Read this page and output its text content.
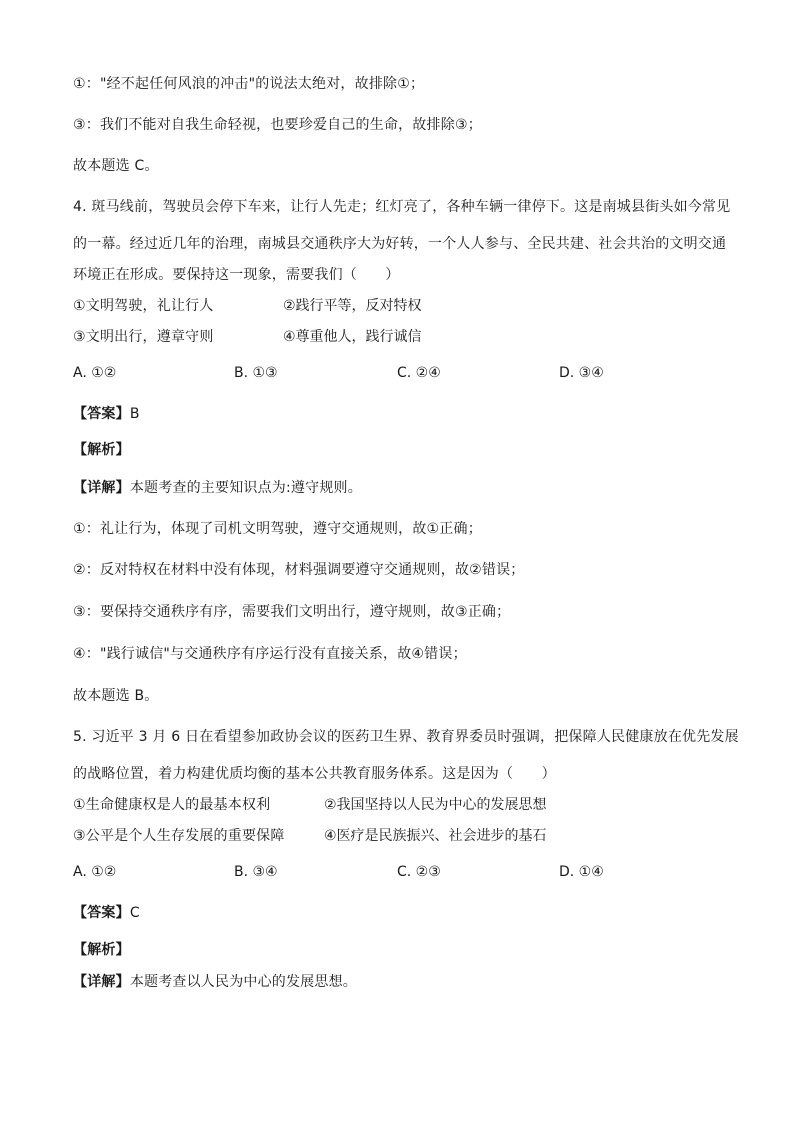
①："经不起任何风浪的冲击"的说法太绝对，故排除①；
③：我们不能对自我生命轻视，也要珍爱自己的生命，故排除③；
故本题选 C。
4. 斑马线前，驾驶员会停下车来，让行人先走；红灯亮了，各种车辆一律停下。这是南城县街头如今常见
的一幕。经过近几年的治理，南城县交通秩序大为好转，一个人人参与、全民共建、社会共治的文明交通
环境正在形成。要保持这一现象，需要我们（　　）
①文明驾驶，礼让行人	②践行平等，反对特权
③文明出行，遵章守则	④尊重他人，践行诚信
A. ①②	B. ①③	C. ②④	D. ③④
【答案】B
【解析】
【详解】本题考查的主要知识点为:遵守规则。
①：礼让行为，体现了司机文明驾驶，遵守交通规则，故①正确；
②：反对特权在材料中没有体现，材料强调要遵守交通规则，故②错误；
③：要保持交通秩序有序，需要我们文明出行，遵守规则，故③正确；
④："践行诚信"与交通秩序有序运行没有直接关系，故④错误；
故本题选 B。
5. 习近平 3 月 6 日在看望参加政协会议的医药卫生界、教育界委员时强调，把保障人民健康放在优先发展
的战略位置，着力构建优质均衡的基本公共教育服务体系。这是因为（　　）
①生命健康权是人的最基本权利	②我国坚持以人民为中心的发展思想
③公平是个人生存发展的重要保障	④医疗是民族振兴、社会进步的基石
A. ①②	B. ③④	C. ②③	D. ①④
【答案】C
【解析】
【详解】本题考查以人民为中心的发展思想。
